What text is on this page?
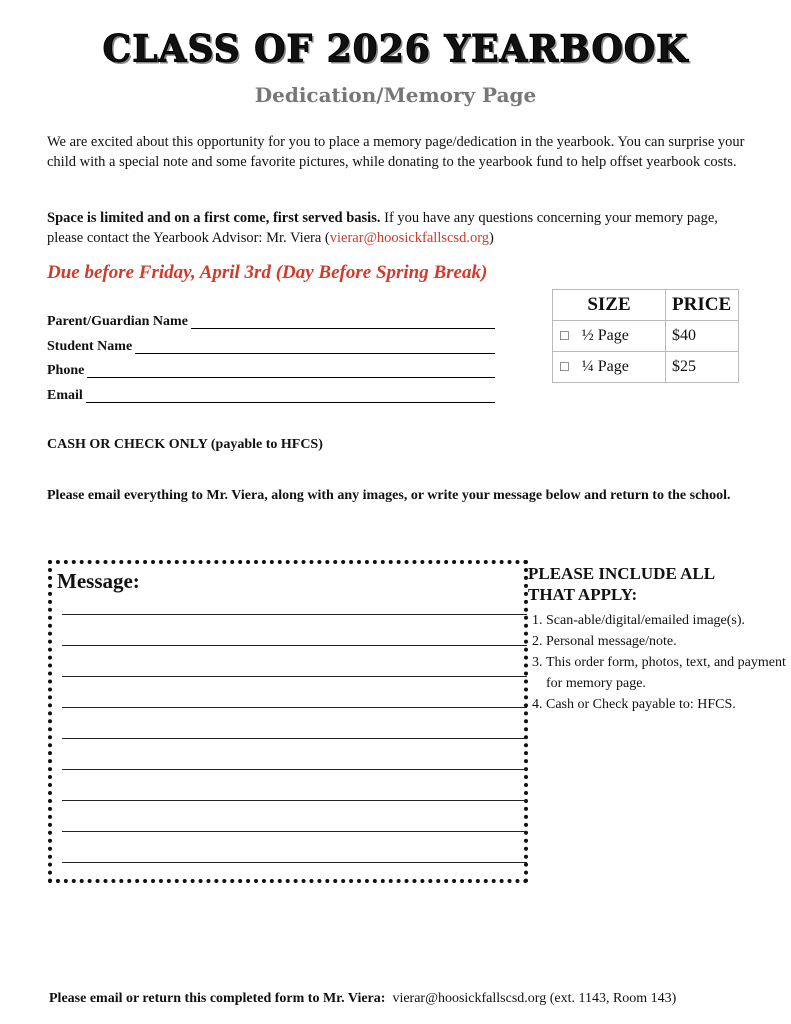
CLASS OF 2026 YEARBOOK
Dedication/Memory Page

We are excited about this opportunity for you to place a memory page/dedication in the yearbook. You can surprise your child with a special note and some favorite pictures, while donating to the yearbook fund to help offset yearbook costs.

Space is limited and on a first come, first served basis. If you have any questions concerning your memory page, please contact the Yearbook Advisor: Mr. Viera (vierar@hoosickfallscsd.org)

Due before Friday, April 3rd (Day Before Spring Break)
Parent/Guardian Name
Student Name
Phone
Email
SIZE	PRICE
☐ ½ Page	$40
☐ ¼ Page	$25
CASH OR CHECK ONLY (payable to HFCS)

Please email everything to Mr. Viera, along with any images, or write your message below and return to the school.

Message:	PLEASE INCLUDE ALL THAT APPLY:
1. Scan-able/digital/emailed image(s).
2. Personal message/note.
3. This order form, photos, text, and payment for memory page.
4. Cash or Check payable to: HFCS.
Please email or return this completed form to Mr. Viera: vierar@hoosickfallscsd.org (ext. 1143, Room 143)
